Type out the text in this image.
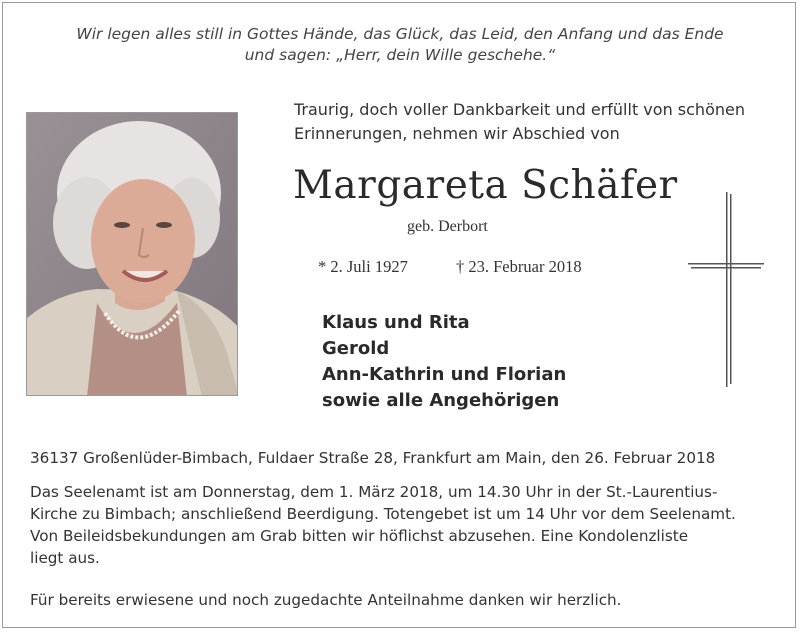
Wir legen alles still in Gottes Hände, das Glück, das Leid, den Anfang und das Ende
und sagen: „Herr, dein Wille geschehe.“
Traurig, doch voller Dankbarkeit und erfüllt von schönen
Erinnerungen, nehmen wir Abschied von
Margareta Schäfer
geb. Derbort
* 2. Juli 1927	† 23. Februar 2018
Klaus und Rita
Gerold
Ann-Kathrin und Florian
sowie alle Angehörigen
36137 Großenlüder-Bimbach, Fuldaer Straße 28, Frankfurt am Main, den 26. Februar 2018
Das Seelenamt ist am Donnerstag, dem 1. März 2018, um 14.30 Uhr in der St.-Laurentius-
Kirche zu Bimbach; anschließend Beerdigung. Totengebet ist um 14 Uhr vor dem Seelenamt.
Von Beileidsbekundungen am Grab bitten wir höflichst abzusehen. Eine Kondolenzliste
liegt aus.
Für bereits erwiesene und noch zugedachte Anteilnahme danken wir herzlich.
